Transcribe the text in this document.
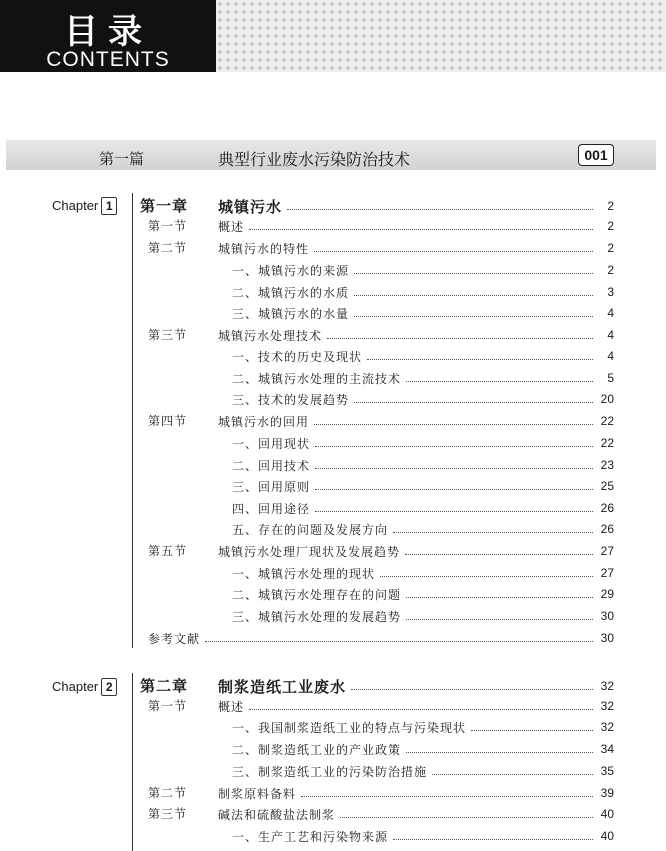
目录
CONTENTS
第一篇	典型行业废水污染防治技术	001
Chapter 1	第一章 城镇污水	2
第一节	概述	2
第二节	城镇污水的特性	2
一、城镇污水的来源	2
二、城镇污水的水质	3
三、城镇污水的水量	4
第三节	城镇污水处理技术	4
一、技术的历史及现状	4
二、城镇污水处理的主流技术	5
三、技术的发展趋势	20
第四节	城镇污水的回用	22
一、回用现状	22
二、回用技术	23
三、回用原则	25
四、回用途径	26
五、存在的问题及发展方向	26
第五节	城镇污水处理厂现状及发展趋势	27
一、城镇污水处理的现状	27
二、城镇污水处理存在的问题	29
三、城镇污水处理的发展趋势	30
参考文献	30
Chapter 2	第二章 制浆造纸工业废水	32
第一节	概述	32
一、我国制浆造纸工业的特点与污染现状	32
二、制浆造纸工业的产业政策	34
三、制浆造纸工业的污染防治措施	35
第二节	制浆原料备料	39
第三节	碱法和硫酸盐法制浆	40
一、生产工艺和污染物来源	40
